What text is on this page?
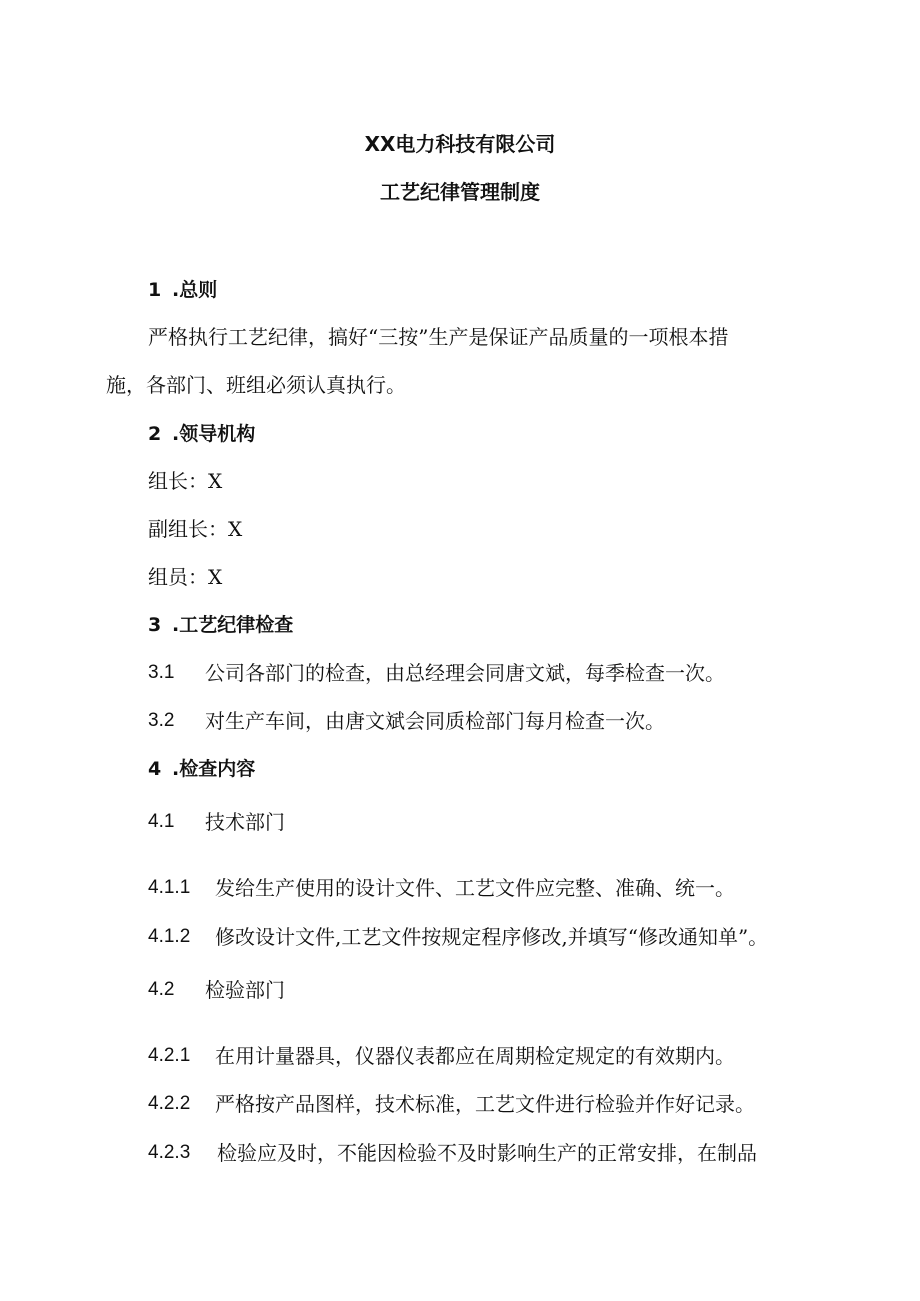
XX电力科技有限公司
工艺纪律管理制度
1 .总则
严格执行工艺纪律，搞好“三按”生产是保证产品质量的一项根本措
施，各部门、班组必须认真执行。
2 .领导机构
组长：X
副组长：X
组员：X
3 .工艺纪律检查
3.1 公司各部门的检查，由总经理会同唐文斌，每季检查一次。
3.2 对生产车间，由唐文斌会同质检部门每月检查一次。
4 .检查内容
4.1 技术部门
4.1.1 发给生产使用的设计文件、工艺文件应完整、准确、统一。
4.1.2 修改设计文件,工艺文件按规定程序修改,并填写“修改通知单”。
4.2 检验部门
4.2.1 在用计量器具，仪器仪表都应在周期检定规定的有效期内。
4.2.2 严格按产品图样，技术标准，工艺文件进行检验并作好记录。
4.2.3 检验应及时，不能因检验不及时影响生产的正常安排，在制品
